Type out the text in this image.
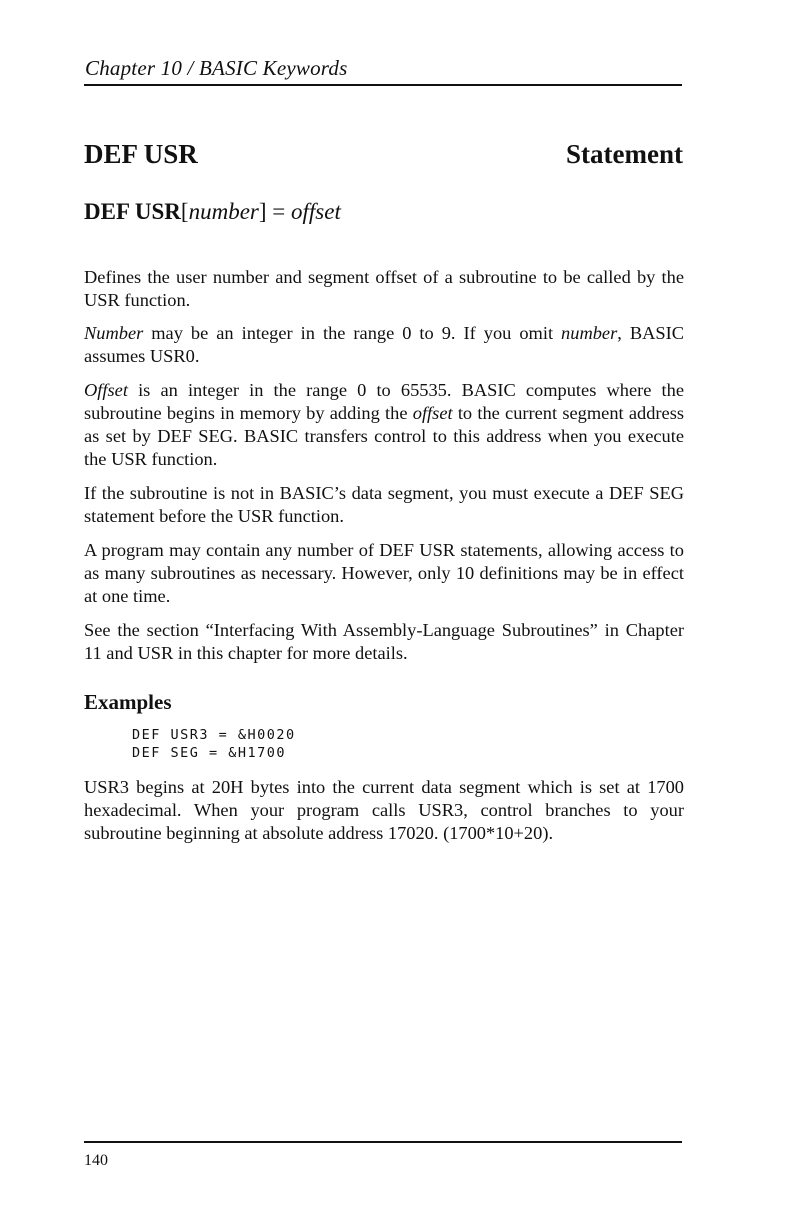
Chapter 10 / BASIC Keywords
DEF USR	Statement
DEF USR[number] = offset

Defines the user number and segment offset of a subroutine to be called by the USR function.

Number may be an integer in the range 0 to 9. If you omit number, BASIC assumes USR0.

Offset is an integer in the range 0 to 65535. BASIC computes where the subroutine begins in memory by adding the offset to the current segment address as set by DEF SEG. BASIC transfers control to this address when you execute the USR function.

If the subroutine is not in BASIC’s data segment, you must execute a DEF SEG statement before the USR function.

A program may contain any number of DEF USR statements, allowing access to as many subroutines as necessary. However, only 10 definitions may be in effect at one time.

See the section “Interfacing With Assembly-Language Subroutines” in Chapter 11 and USR in this chapter for more details.

Examples
DEF USR3 = &H0020
DEF SEG = &H1700

USR3 begins at 20H bytes into the current data segment which is set at 1700 hexadecimal. When your program calls USR3, control branches to your subroutine beginning at absolute address 17020. (1700*10+20).

140
